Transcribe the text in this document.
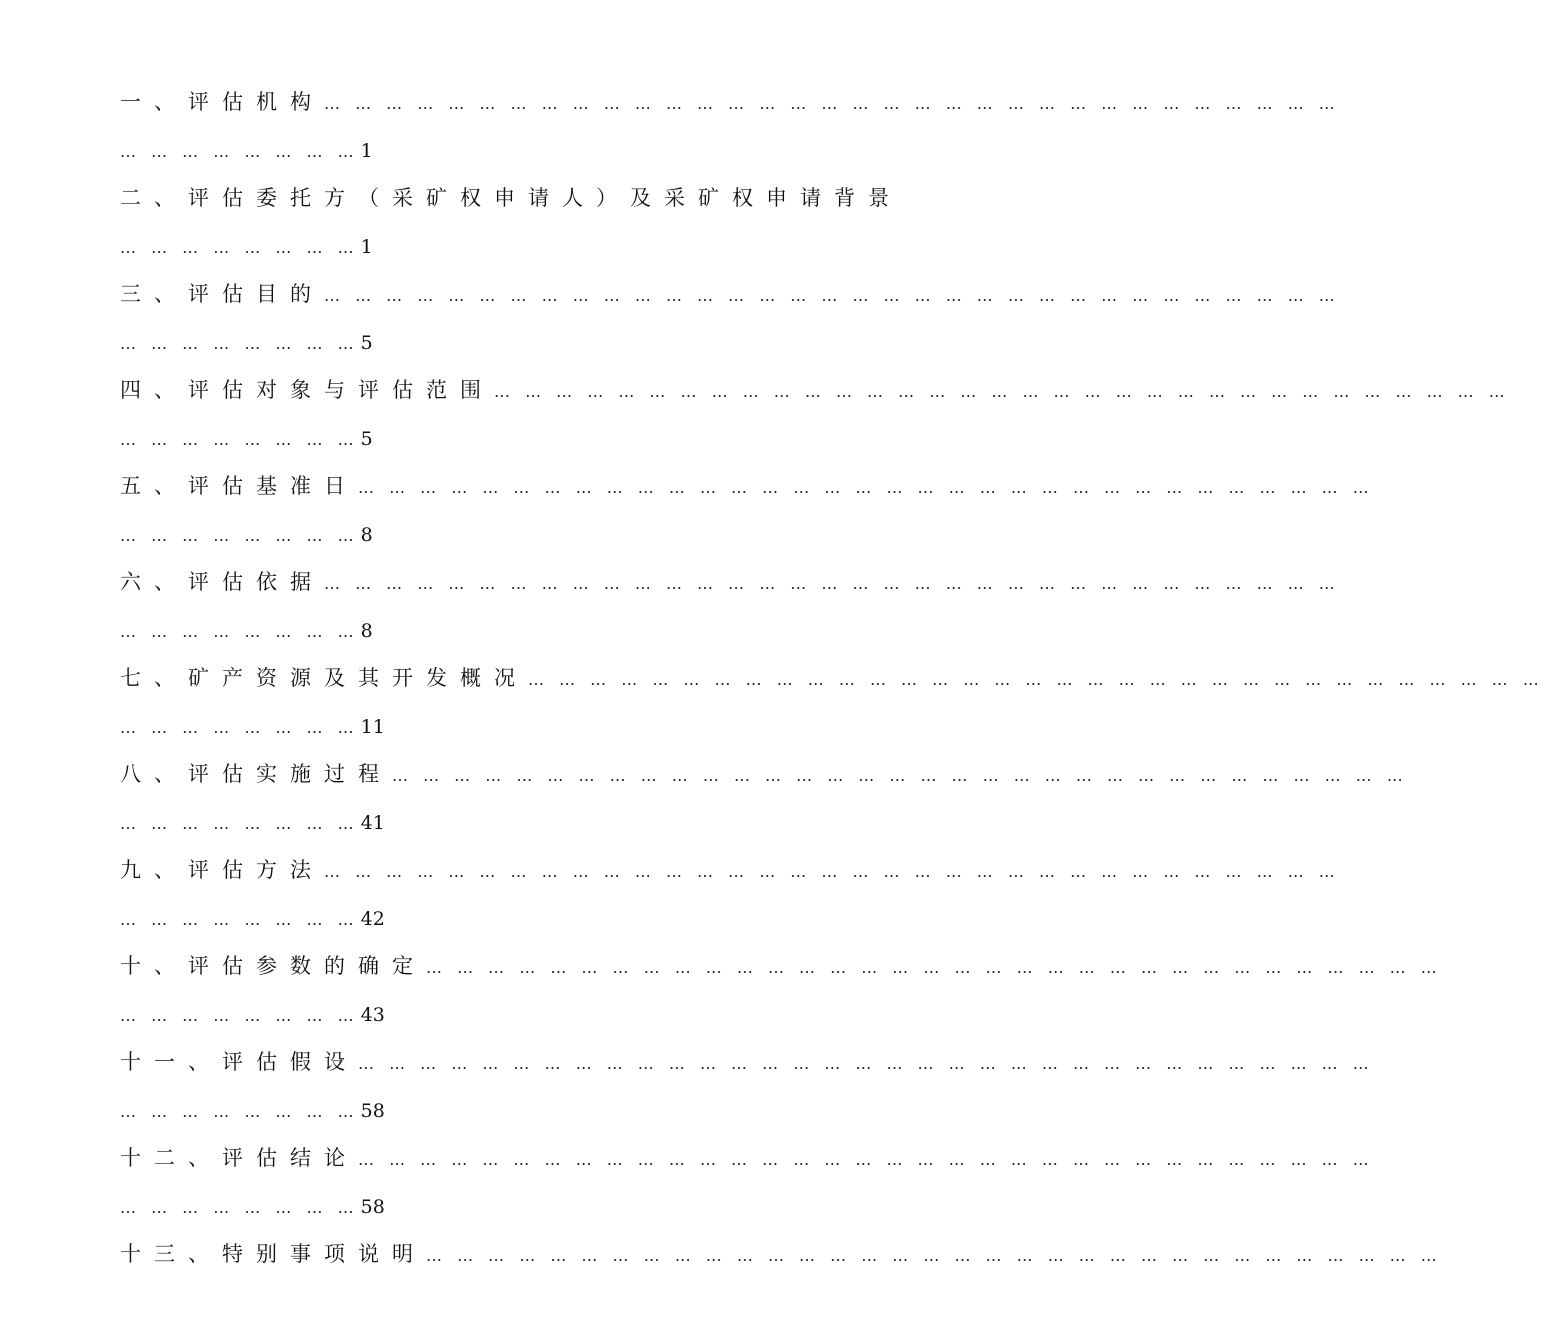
一、评估机构… … … … … … … … … … … … … … … … … … … … … … … … … … … … … … … … …
… … … … … … … … 1
二、评估委托方（采矿权申请人）及采矿权申请背景
… … … … … … … … 1
三、评估目的… … … … … … … … … … … … … … … … … … … … … … … … … … … … … … … … …
… … … … … … … … 5
四、评估对象与评估范围… … … … … … … … … … … … … … … … … … … … … … … … … … … … … … … … …
… … … … … … … … 5
五、评估基准日… … … … … … … … … … … … … … … … … … … … … … … … … … … … … … … … …
… … … … … … … … 8
六、评估依据… … … … … … … … … … … … … … … … … … … … … … … … … … … … … … … … …
… … … … … … … … 8
七、矿产资源及其开发概况… … … … … … … … … … … … … … … … … … … … … … … … … … … … … … … … …
… … … … … … … … 11
八、评估实施过程… … … … … … … … … … … … … … … … … … … … … … … … … … … … … … … … …
… … … … … … … … 41
九、评估方法… … … … … … … … … … … … … … … … … … … … … … … … … … … … … … … … …
… … … … … … … … 42
十、评估参数的确定… … … … … … … … … … … … … … … … … … … … … … … … … … … … … … … … …
… … … … … … … … 43
十一、评估假设… … … … … … … … … … … … … … … … … … … … … … … … … … … … … … … … …
… … … … … … … … 58
十二、评估结论… … … … … … … … … … … … … … … … … … … … … … … … … … … … … … … … …
… … … … … … … … 58
十三、特别事项说明… … … … … … … … … … … … … … … … … … … … … … … … … … … … … … … … …
